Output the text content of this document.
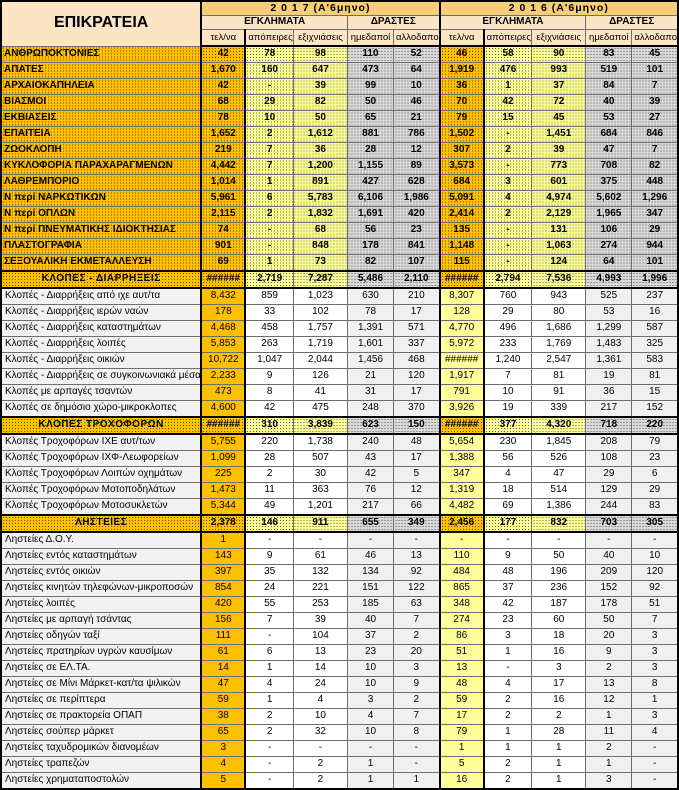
ΕΠΙΚΡΑΤΕΙΑ	2 0 1 7 (Α'6μηνο)					2 0 1 6 (Α'6μηνο)				
	ΕΓΚΛΗΜΑΤΑ			ΔΡΑΣΤΕΣ		ΕΓΚΛΗΜΑΤΑ			ΔΡΑΣΤΕΣ	
	τελ/να	απόπειρες	εξιχνιάσεις	ημεδαποί	αλλοδαποί	τελ/να	απόπειρες	εξιχνιάσεις	ημεδαποί	αλλοδαποί
ΑΝΘΡΩΠΟΚΤΟΝΙΕΣ	42	78	98	110	52	46	58	90	83	45
ΑΠΑΤΕΣ	1,670	160	647	473	64	1,919	476	993	519	101
ΑΡΧΑΙΟΚΑΠΗΛΕΙΑ	42	-	39	99	10	36	1	37	84	7
ΒΙΑΣΜΟΙ	68	29	82	50	46	70	42	72	40	39
ΕΚΒΙΑΣΕΙΣ	78	10	50	65	21	79	15	45	53	27
ΕΠΑΙΤΕΙΑ	1,652	2	1,612	881	786	1,502	-	1,451	684	846
ΖΩΟΚΛΟΠΗ	219	7	36	28	12	307	2	39	47	7
ΚΥΚΛΟΦΟΡΙΑ ΠΑΡΑΧΑΡΑΓΜΕΝΩΝ	4,442	7	1,200	1,155	89	3,573	-	773	708	82
ΛΑΘΡΕΜΠΟΡΙΟ	1,014	1	891	427	628	684	3	601	375	448
Ν περί ΝΑΡΚΩΤΙΚΩΝ	5,961	6	5,783	6,106	1,986	5,091	4	4,974	5,602	1,296
Ν περί ΟΠΛΩΝ	2,115	2	1,832	1,691	420	2,414	2	2,129	1,965	347
Ν περί ΠΝΕΥΜΑΤΙΚΗΣ ΙΔΙΟΚΤΗΣΙΑΣ	74	-	68	56	23	135	-	131	106	29
ΠΛΑΣΤΟΓΡΑΦΙΑ	901	-	848	178	841	1,148	-	1,063	274	944
ΣΕΞΟΥΑΛΙΚΗ ΕΚΜΕΤΑΛΛΕΥΣΗ	69	1	73	82	107	115	-	124	64	101
ΚΛΟΠΕΣ - ΔΙΑΡΡΗΞΕΙΣ	######	2,719	7,287	5,486	2,110	######	2,794	7,536	4,993	1,996
Κλοπές - Διαρρήξεις από ιχε αυτ/τα	8,432	859	1,023	630	210	8,307	760	943	525	237
Κλοπές - Διαρρήξεις ιερών ναών	178	33	102	78	17	128	29	80	53	16
Κλοπές - Διαρρήξεις καταστημάτων	4,468	458	1,757	1,391	571	4,770	496	1,686	1,299	587
Κλοπές - Διαρρήξεις λοιπές	5,853	263	1,719	1,601	337	5,972	233	1,769	1,483	325
Κλοπές - Διαρρήξεις οικιών	10,722	1,047	2,044	1,456	468	######	1,240	2,547	1,361	583
Κλοπές - Διαρρήξεις σε συγκοινωνιακά μέσα	2,233	9	126	21	120	1,917	7	81	19	81
Κλοπές με αρπαγές τσαντών	473	8	41	31	17	791	10	91	36	15
Κλοπές σε δημόσιο χώρο-μικροκλοπες	4,600	42	475	248	370	3,926	19	339	217	152
ΚΛΟΠΕΣ ΤΡΟΧΟΦΟΡΩΝ	######	310	3,839	623	150	######	377	4,320	718	220
Κλοπές Τροχοφόρων ΙΧΕ αυτ/των	5,755	220	1,738	240	48	5,654	230	1,845	208	79
Κλοπές Τροχοφόρων ΙΧΦ-Λεωφορείων	1,099	28	507	43	17	1,388	56	526	108	23
Κλοπές Τροχοφόρων Λοιπών οχημάτων	225	2	30	42	5	347	4	47	29	6
Κλοπές Τροχοφόρων Μοτοποδηλάτων	1,473	11	363	76	12	1,319	18	514	129	29
Κλοπές Τροχοφόρων Μοτοσυκλετών	5,344	49	1,201	217	66	4,482	69	1,386	244	83
ΛΗΣΤΕΙΕΣ	2,378	146	911	655	349	2,456	177	832	703	305
Ληστείες Δ.Ο.Υ.	1	-	-	-	-	-	-	-	-	-
Ληστείες εντός καταστημάτων	143	9	61	46	13	110	9	50	40	10
Ληστείες εντός οικιών	397	35	132	134	92	484	48	196	209	120
Ληστείες κινητών τηλεφώνων-μικροποσών	854	24	221	151	122	865	37	236	152	92
Ληστείες λοιπές	420	55	253	185	63	348	42	187	178	51
Ληστείες με αρπαγή τσάντας	156	7	39	40	7	274	23	60	50	7
Ληστείες οδηγών ταξί	111	-	104	37	2	86	3	18	20	3
Ληστείες πρατηρίων υγρών καυσίμων	61	6	13	23	20	51	1	16	9	3
Ληστείες σε ΕΛ.ΤΑ.	14	1	14	10	3	13	-	3	2	3
Ληστείες σε Μίνι Μάρκετ-κατ/τα ψιλικών	47	4	24	10	9	48	4	17	13	8
Ληστείες σε περίπτερα	59	1	4	3	2	59	2	16	12	1
Ληστείες σε πρακτορεία ΟΠΑΠ	38	2	10	4	7	17	2	2	1	3
Ληστείες σούπερ μάρκετ	65	2	32	10	8	79	1	28	11	4
Ληστείες ταχυδρομικών διανομέων	3	-	-	-	-	1	1	1	2	-
Ληστείες τραπεζών	4	-	2	1	-	5	2	1	1	-
Ληστείες χρηματαποστολών	5	-	2	1	1	16	2	1	3	-
